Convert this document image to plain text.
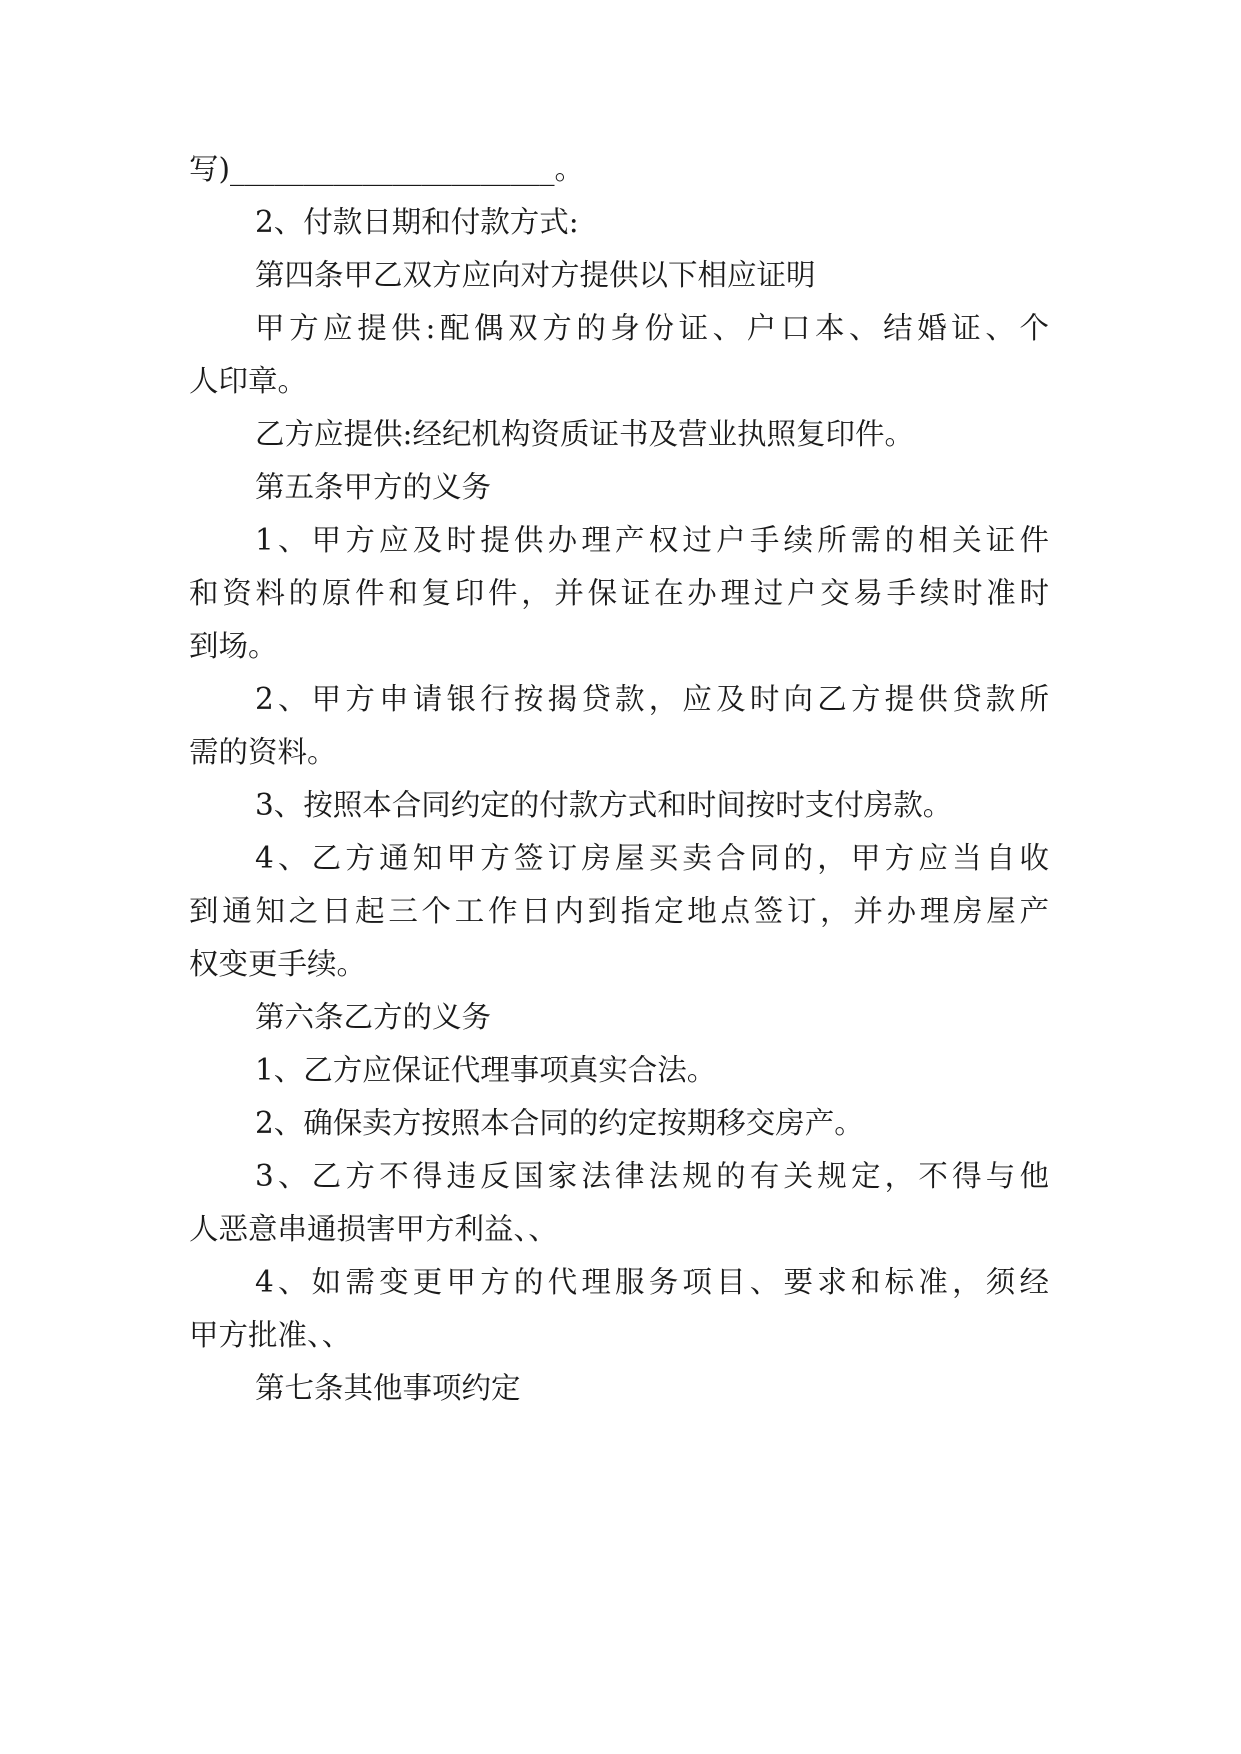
写)______________________。

2、付款日期和付款方式:

第四条甲乙双方应向对方提供以下相应证明

甲方应提供:配偶双方的身份证、户口本、结婚证、个

人印章。

乙方应提供:经纪机构资质证书及营业执照复印件。

第五条甲方的义务

1、甲方应及时提供办理产权过户手续所需的相关证件

和资料的原件和复印件，并保证在办理过户交易手续时准时

到场。

2、甲方申请银行按揭贷款，应及时向乙方提供贷款所

需的资料。

3、按照本合同约定的付款方式和时间按时支付房款。

4、乙方通知甲方签订房屋买卖合同的，甲方应当自收

到通知之日起三个工作日内到指定地点签订，并办理房屋产

权变更手续。

第六条乙方的义务

1、乙方应保证代理事项真实合法。

2、确保卖方按照本合同的约定按期移交房产。

3、乙方不得违反国家法律法规的有关规定，不得与他

人恶意串通损害甲方利益、、

4、如需变更甲方的代理服务项目、要求和标准，须经

甲方批准、、

第七条其他事项约定
